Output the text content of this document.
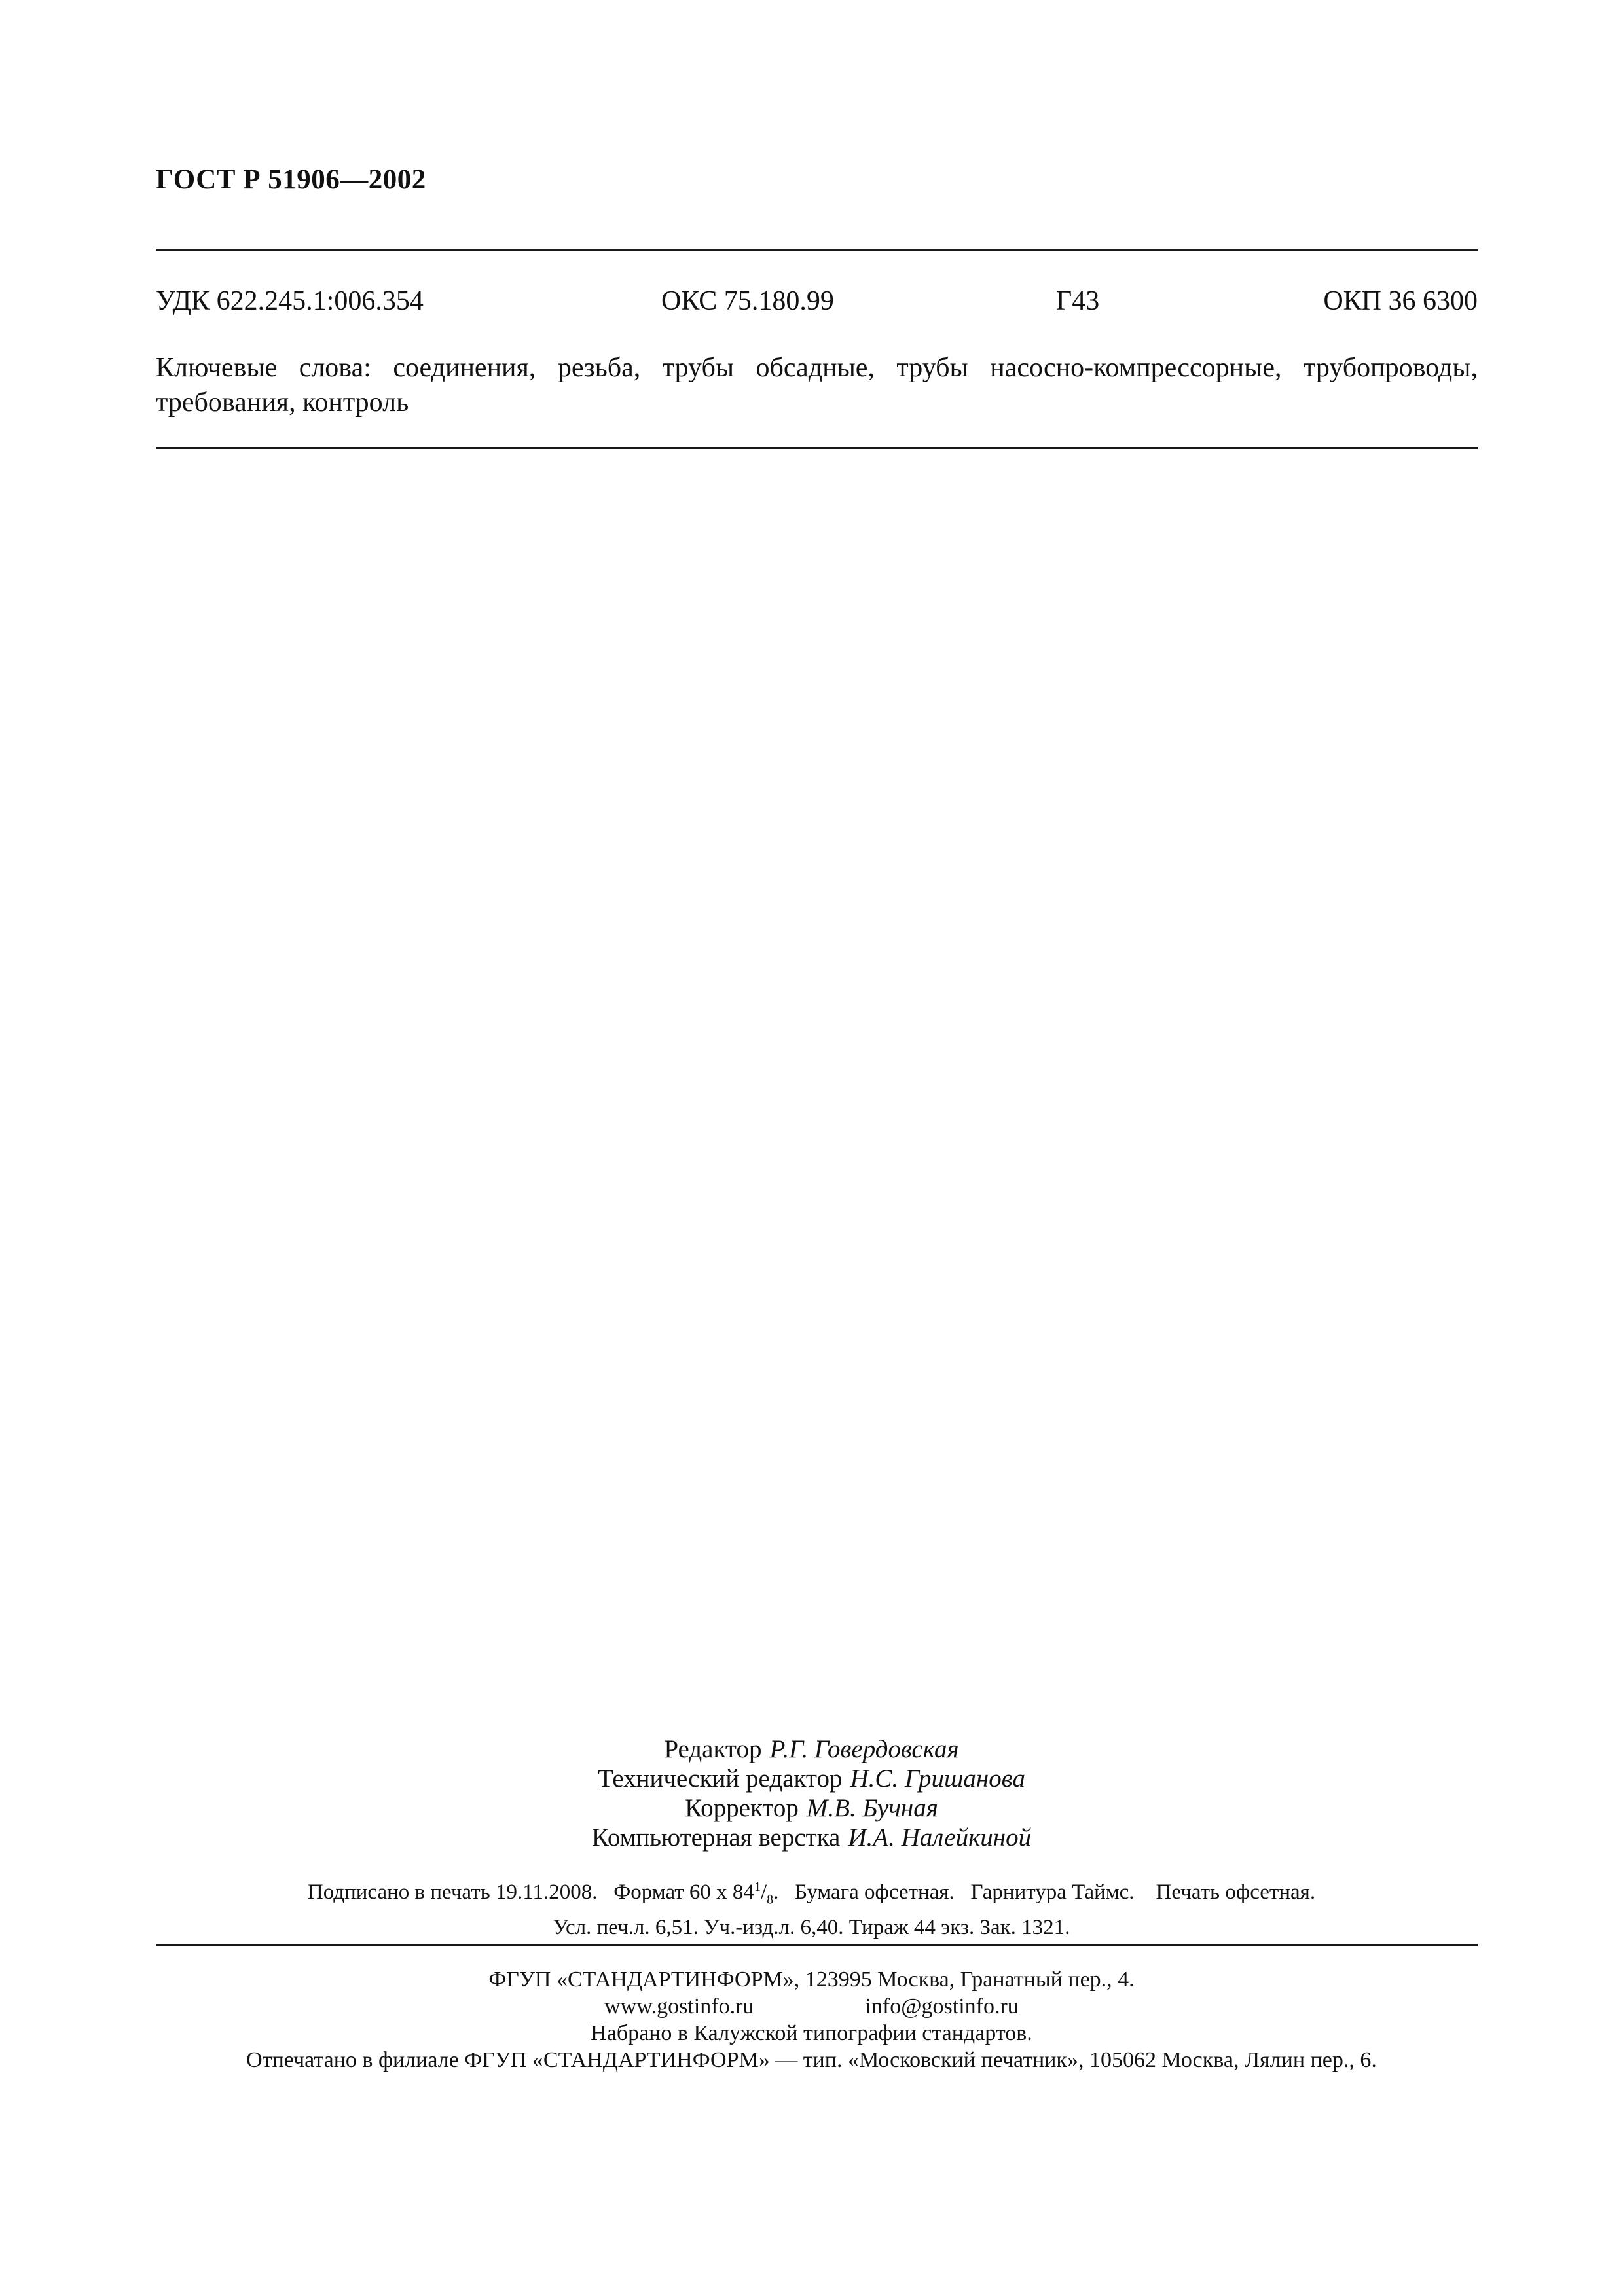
ГОСТ Р 51906—2002
УДК 622.245.1:006.354	ОКС 75.180.99	Г43	ОКП 36 6300
Ключевые слова: соединения, резьба, трубы обсадные, трубы насосно-компрессорные, трубопроводы, требования, контроль
Редактор Р.Г. Говердовская
Технический редактор Н.С. Гришанова
Корректор М.В. Бучная
Компьютерная верстка И.А. Налейкиной
Подписано в печать 19.11.2008. Формат 60 х $84^1/_8$. Бумага офсетная. Гарнитура Таймс. Печать офсетная.
Усл. печ.л. 6,51. Уч.-изд.л. 6,40. Тираж 44 экз. Зак. 1321.
ФГУП «СТАНДАРТИНФОРМ», 123995 Москва, Гранатный пер., 4.
www.gostinfo.ru	info@gostinfo.ru
Набрано в Калужской типографии стандартов.
Отпечатано в филиале ФГУП «СТАНДАРТИНФОРМ» — тип. «Московский печатник», 105062 Москва, Лялин пер., 6.
